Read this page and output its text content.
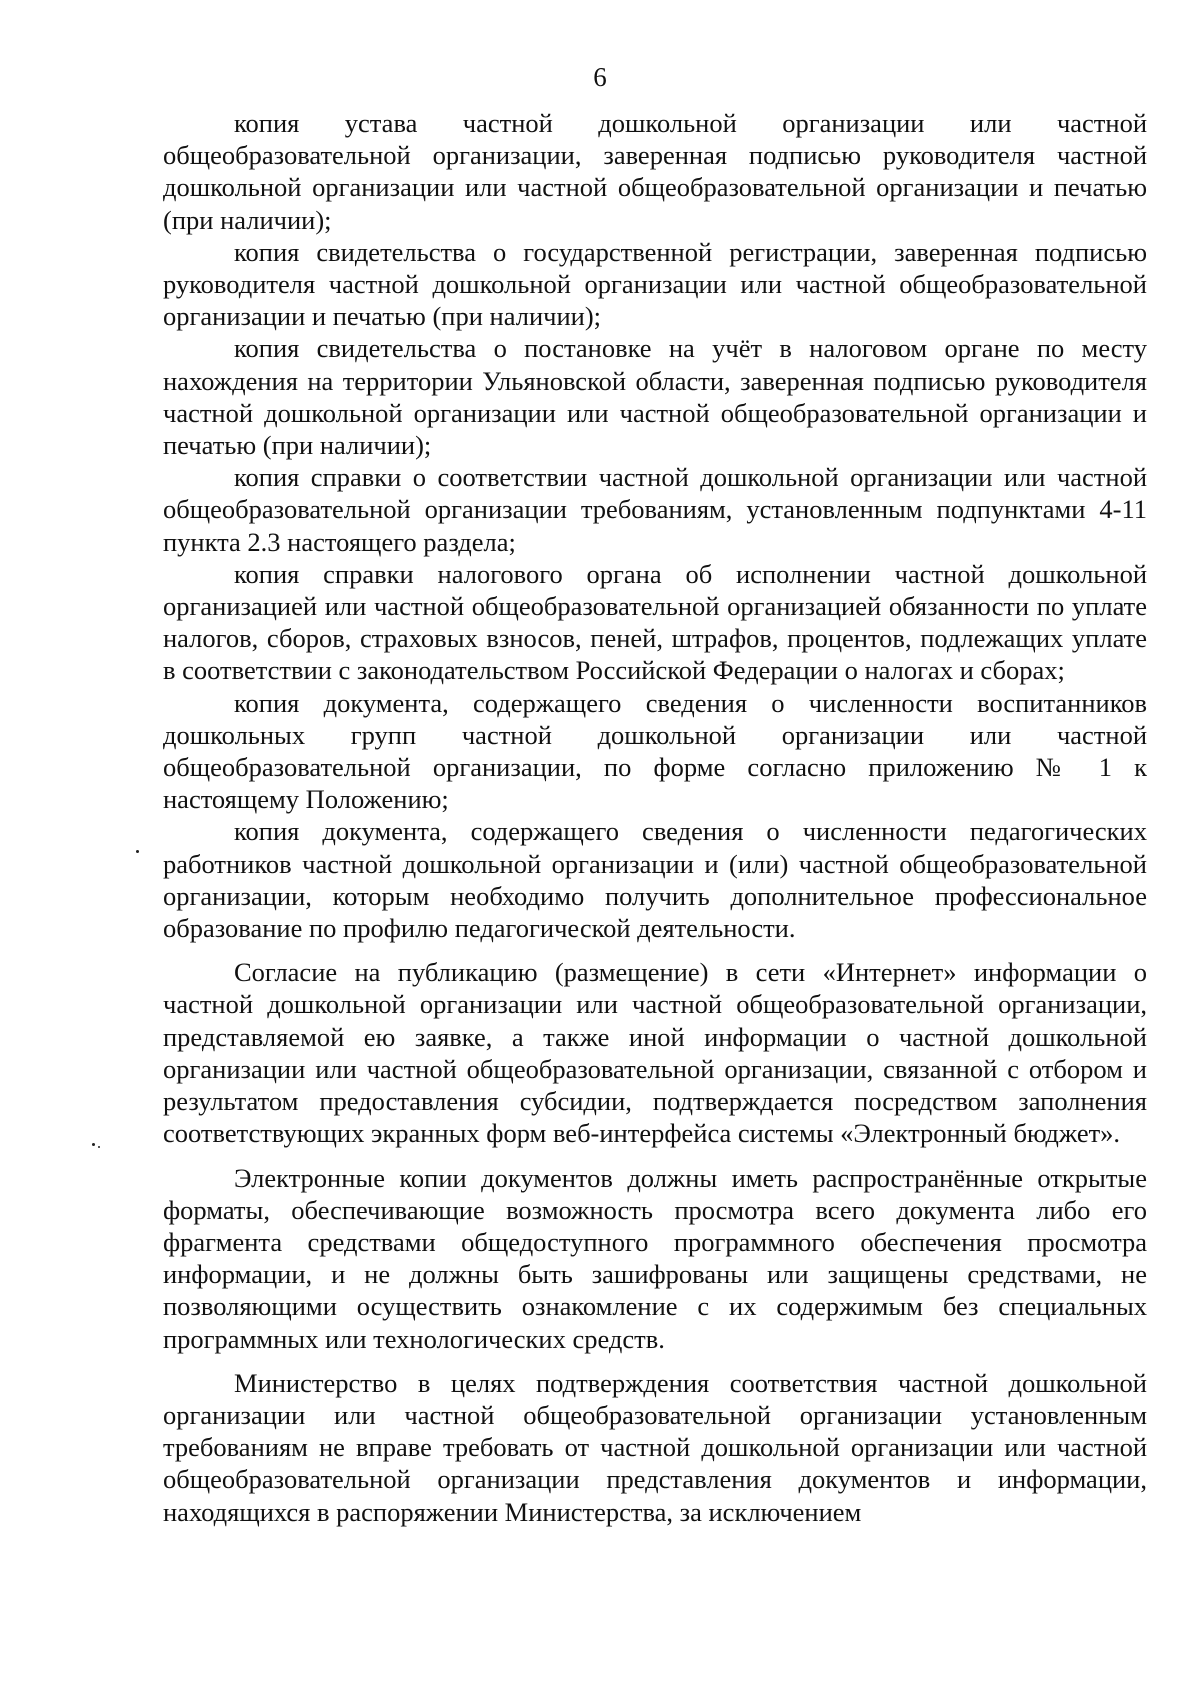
6

копия устава частной дошкольной организации или частной общеобразовательной организации, заверенная подписью руководителя частной дошкольной организации или частной общеобразовательной организации и печатью (при наличии);

копия свидетельства о государственной регистрации, заверенная подписью руководителя частной дошкольной организации или частной общеобразовательной организации и печатью (при наличии);

копия свидетельства о постановке на учёт в налоговом органе по месту нахождения на территории Ульяновской области, заверенная подписью руководителя частной дошкольной организации или частной общеобразовательной организации и печатью (при наличии);

копия справки о соответствии частной дошкольной организации или частной общеобразовательной организации требованиям, установленным подпунктами 4-11 пункта 2.3 настоящего раздела;

копия справки налогового органа об исполнении частной дошкольной организацией или частной общеобразовательной организацией обязанности по уплате налогов, сборов, страховых взносов, пеней, штрафов, процентов, подлежащих уплате в соответствии с законодательством Российской Федерации о налогах и сборах;

копия документа, содержащего сведения о численности воспитанников дошкольных групп частной дошкольной организации или частной общеобразовательной организации, по форме согласно приложению № 1 к настоящему Положению;

копия документа, содержащего сведения о численности педагогических работников частной дошкольной организации и (или) частной общеобразовательной организации, которым необходимо получить дополнительное профессиональное образование по профилю педагогической деятельности.

Согласие на публикацию (размещение) в сети «Интернет» информации о частной дошкольной организации или частной общеобразовательной организации, представляемой ею заявке, а также иной информации о частной дошкольной организации или частной общеобразовательной организации, связанной с отбором и результатом предоставления субсидии, подтверждается посредством заполнения соответствующих экранных форм веб-интерфейса системы «Электронный бюджет».

Электронные копии документов должны иметь распространённые открытые форматы, обеспечивающие возможность просмотра всего документа либо его фрагмента средствами общедоступного программного обеспечения просмотра информации, и не должны быть зашифрованы или защищены средствами, не позволяющими осуществить ознакомление с их содержимым без специальных программных или технологических средств.

Министерство в целях подтверждения соответствия частной дошкольной организации или частной общеобразовательной организации установленным требованиям не вправе требовать от частной дошкольной организации или частной общеобразовательной организации представления документов и информации, находящихся в распоряжении Министерства, за исключением
